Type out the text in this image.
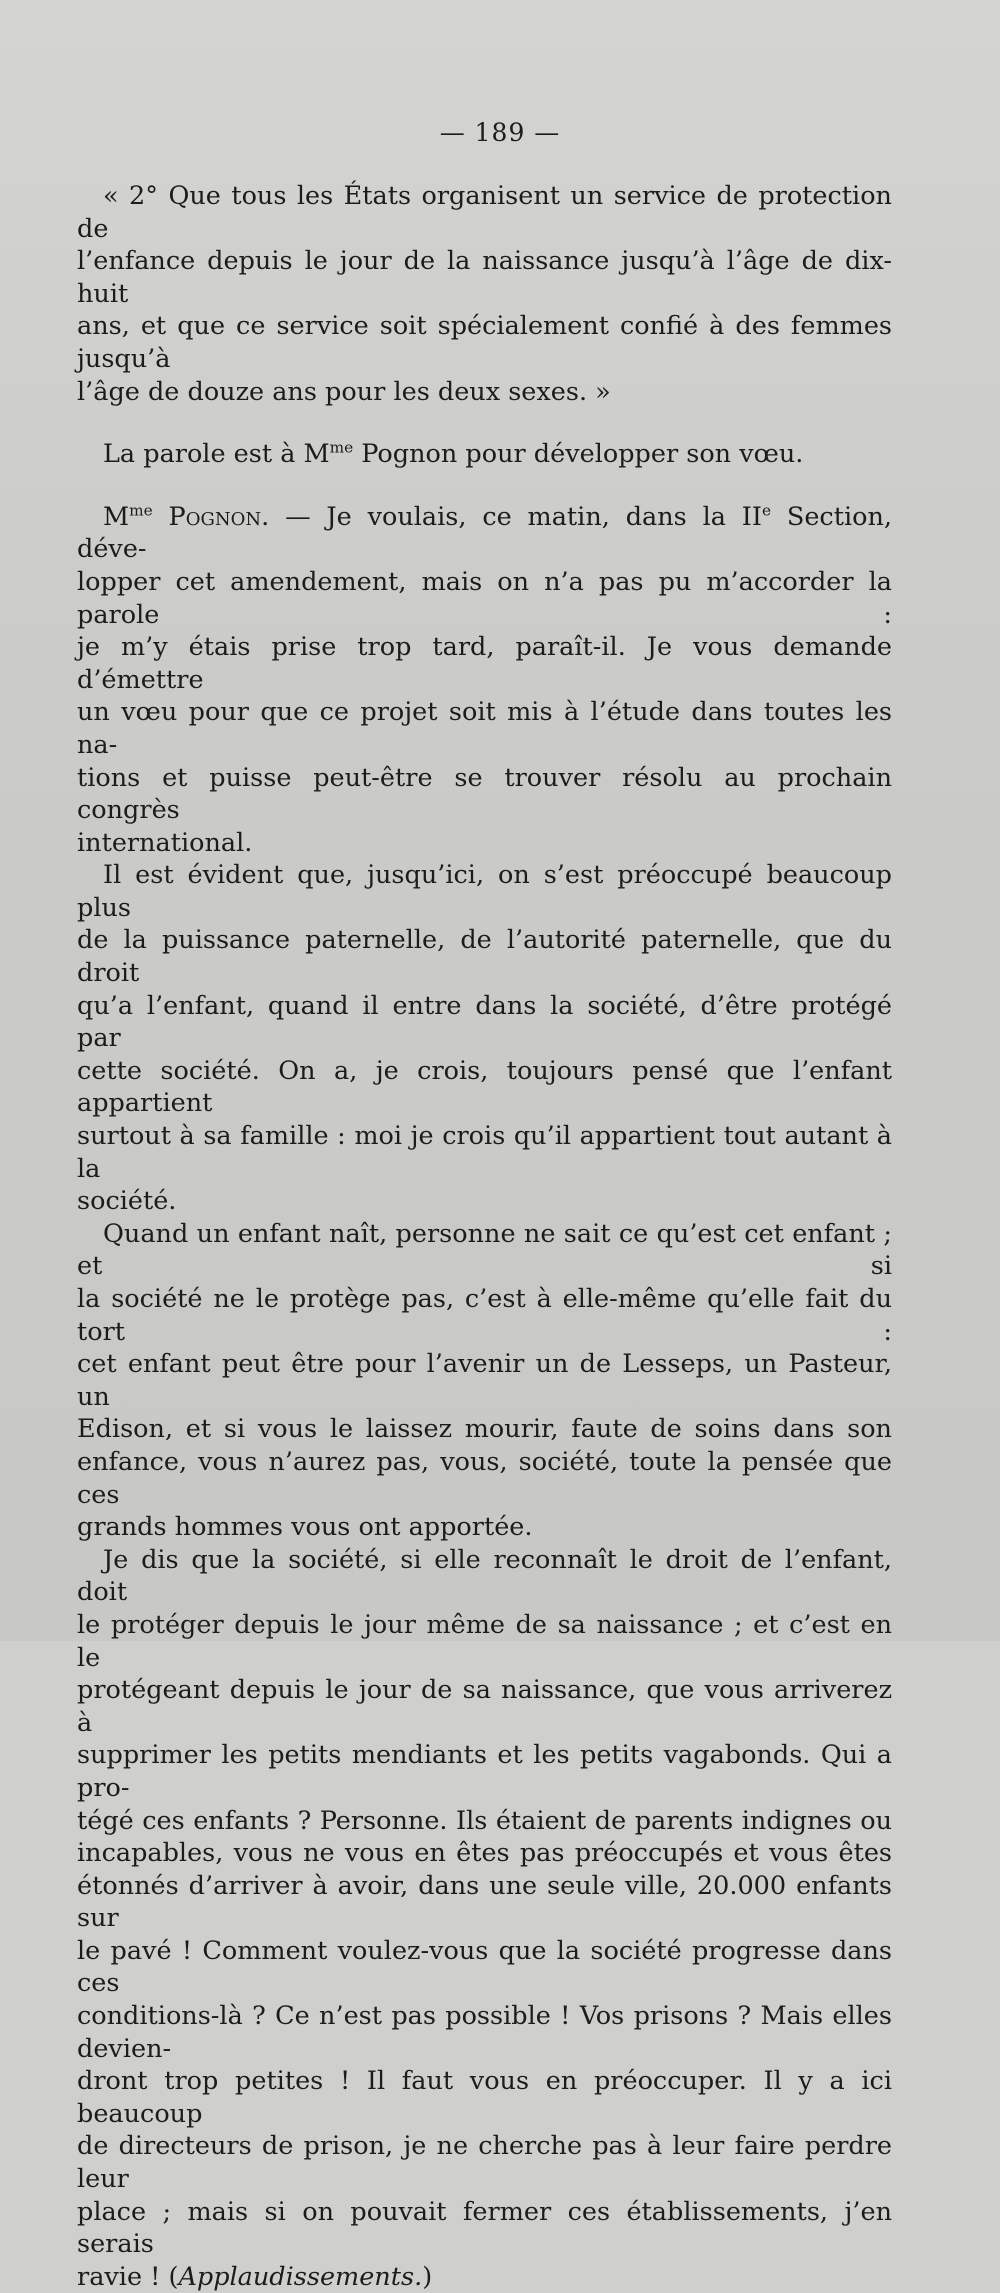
— 189 —

« 2° Que tous les États organisent un service de protection de
l’enfance depuis le jour de la naissance jusqu’à l’âge de dix-huit
ans, et que ce service soit spécialement confié à des femmes jusqu’à
l’âge de douze ans pour les deux sexes. »

La parole est à $M^{me}$ Pognon pour développer son vœu.

$M^{me}$ Pognon. — Je voulais, ce matin, dans la IIe Section, déve-
lopper cet amendement, mais on n’a pas pu m’accorder la parole :
je m’y étais prise trop tard, paraît-il. Je vous demande d’émettre
un vœu pour que ce projet soit mis à l’étude dans toutes les na-
tions et puisse peut-être se trouver résolu au prochain congrès
international.

Il est évident que, jusqu’ici, on s’est préoccupé beaucoup plus
de la puissance paternelle, de l’autorité paternelle, que du droit
qu’a l’enfant, quand il entre dans la société, d’être protégé par
cette société. On a, je crois, toujours pensé que l’enfant appartient
surtout à sa famille : moi je crois qu’il appartient tout autant à la
société.

Quand un enfant naît, personne ne sait ce qu’est cet enfant ; et si
la société ne le protège pas, c’est à elle-même qu’elle fait du tort :
cet enfant peut être pour l’avenir un de Lesseps, un Pasteur, un
Edison, et si vous le laissez mourir, faute de soins dans son
enfance, vous n’aurez pas, vous, société, toute la pensée que ces
grands hommes vous ont apportée.

Je dis que la société, si elle reconnaît le droit de l’enfant, doit
le protéger depuis le jour même de sa naissance ; et c’est en le
protégeant depuis le jour de sa naissance, que vous arriverez à
supprimer les petits mendiants et les petits vagabonds. Qui a pro-
tégé ces enfants ? Personne. Ils étaient de parents indignes ou
incapables, vous ne vous en êtes pas préoccupés et vous êtes
étonnés d’arriver à avoir, dans une seule ville, 20.000 enfants sur
le pavé ! Comment voulez-vous que la société progresse dans ces
conditions-là ? Ce n’est pas possible ! Vos prisons ? Mais elles devien-
dront trop petites ! Il faut vous en préoccuper. Il y a ici beaucoup
de directeurs de prison, je ne cherche pas à leur faire perdre leur
place ; mais si on pouvait fermer ces établissements, j’en serais
ravie ! (Applaudissements.)
